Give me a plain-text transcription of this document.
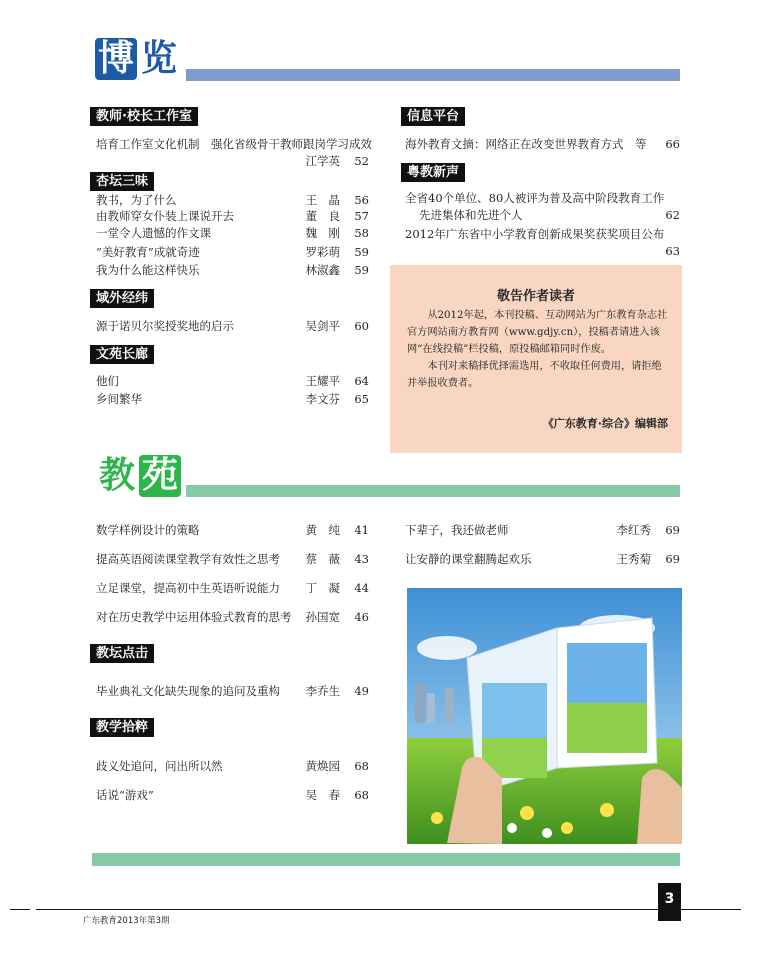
博 览
教师·校长工作室
培育工作室文化机制　强化省级骨干教师跟岗学习成效
江学英	52
杏坛三味
教书，为了什么	王　晶	56
由教师穿女仆装上课说开去	董　良	57
一堂令人遗憾的作文课	魏　刚	58
“美好教育”成就奇迹	罗彩萌	59
我为什么能这样快乐	林淑鑫	59
域外经纬
源于诺贝尔奖授奖地的启示	吴剑平	60
文苑长廊
他们	王耀平	64
乡间繁华	李文芬	65
信息平台
海外教育文摘：网络正在改变世界教育方式　等	66
粤教新声
全省40个单位、80人被评为普及高中阶段教育工作
先进集体和先进个人	62
2012年广东省中小学教育创新成果奖获奖项目公布
63
敬告作者读者

从2012年起，本刊投稿、互动网站为广东教育杂志社官方网站南方教育网（www.gdjy.cn），投稿者请进入该网“在线投稿”栏投稿，原投稿邮箱同时作废。

本刊对来稿择优择需选用，不收取任何费用，请拒绝并举报收费者。

《广东教育·综合》编辑部
教 苑
数学样例设计的策略	黄　纯	41
提高英语阅读课堂教学有效性之思考 蔡　薇	43
立足课堂，提高初中生英语听说能力 丁　凝	44
对在历史教学中运用体验式教育的思考 孙国宽	46
教坛点击
毕业典礼文化缺失现象的追问及重构 李乔生	49
教学拾粹
歧义处追问，问出所以然	黄焕园	68
话说“游戏”	吴　春	68
下辈子，我还做老师	李红秀	69
让安静的课堂翻腾起欢乐	王秀菊	69
广东教育2013年第3期
3
